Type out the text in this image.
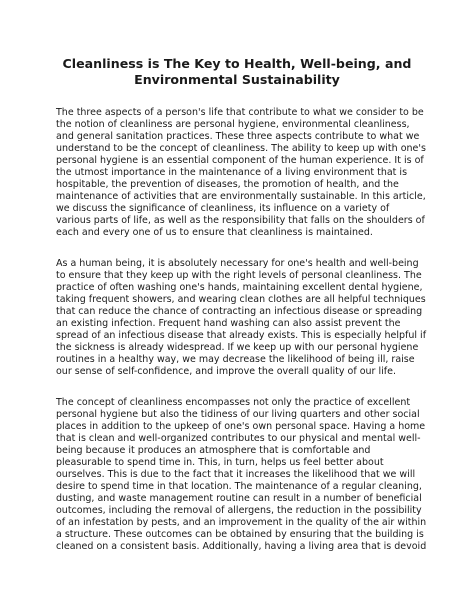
Cleanliness is The Key to Health, Well-being, and
Environmental Sustainability

The three aspects of a person's life that contribute to what we consider to be
the notion of cleanliness are personal hygiene, environmental cleanliness,
and general sanitation practices. These three aspects contribute to what we
understand to be the concept of cleanliness. The ability to keep up with one's
personal hygiene is an essential component of the human experience. It is of
the utmost importance in the maintenance of a living environment that is
hospitable, the prevention of diseases, the promotion of health, and the
maintenance of activities that are environmentally sustainable. In this article,
we discuss the significance of cleanliness, its influence on a variety of
various parts of life, as well as the responsibility that falls on the shoulders of
each and every one of us to ensure that cleanliness is maintained.

As a human being, it is absolutely necessary for one's health and well-being
to ensure that they keep up with the right levels of personal cleanliness. The
practice of often washing one's hands, maintaining excellent dental hygiene,
taking frequent showers, and wearing clean clothes are all helpful techniques
that can reduce the chance of contracting an infectious disease or spreading
an existing infection. Frequent hand washing can also assist prevent the
spread of an infectious disease that already exists. This is especially helpful if
the sickness is already widespread. If we keep up with our personal hygiene
routines in a healthy way, we may decrease the likelihood of being ill, raise
our sense of self-confidence, and improve the overall quality of our life.

The concept of cleanliness encompasses not only the practice of excellent
personal hygiene but also the tidiness of our living quarters and other social
places in addition to the upkeep of one's own personal space. Having a home
that is clean and well-organized contributes to our physical and mental well-
being because it produces an atmosphere that is comfortable and
pleasurable to spend time in. This, in turn, helps us feel better about
ourselves. This is due to the fact that it increases the likelihood that we will
desire to spend time in that location. The maintenance of a regular cleaning,
dusting, and waste management routine can result in a number of beneficial
outcomes, including the removal of allergens, the reduction in the possibility
of an infestation by pests, and an improvement in the quality of the air within
a structure. These outcomes can be obtained by ensuring that the building is
cleaned on a consistent basis. Additionally, having a living area that is devoid
